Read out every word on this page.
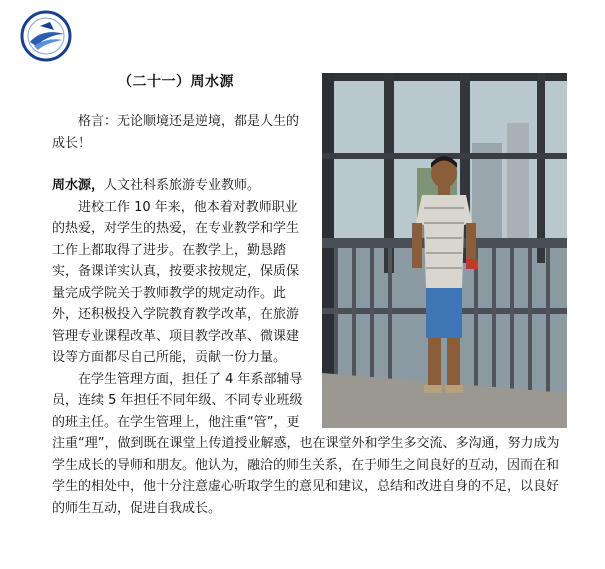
（二十一）周水源

格言：无论顺境还是逆境，都是人生的成长！

周水源，人文社科系旅游专业教师。

进校工作 10 年来，他本着对教师职业的热爱，对学生的热爱，在专业教学和学生工作上都取得了进步。在教学上，勤恳踏实，备课详实认真，按要求按规定，保质保量完成学院关于教师教学的规定动作。此外，还积极投入学院教育教学改革，在旅游管理专业课程改革、项目教学改革、微课建设等方面都尽自己所能，贡献一份力量。

在学生管理方面，担任了 4 年系部辅导员，连续 5 年担任不同年级、不同专业班级的班主任。在学生管理上，他注重“管”，更注重“理”，做到既在课堂上传道授业解惑，也在课堂外和学生多交流、多沟通，努力成为学生成长的导师和朋友。他认为，融洽的师生关系，在于师生之间良好的互动，因而在和学生的相处中，他十分注意虚心听取学生的意见和建议，总结和改进自身的不足，以良好的师生互动，促进自我成长。
